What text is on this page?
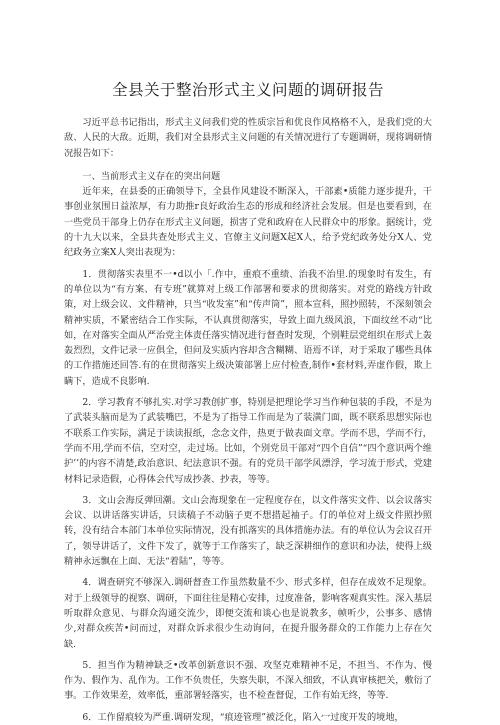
全县关于整治形式主义问题的调研报告

习近平总书记指出，形式主义问我们党的性质宗旨和优良作风格格不入，是我们党的大敌、人民的大敌。近期，我们对全县形式主义问题的有关情况进行了专题调研，现将调研情况报告如下：

一、当前形式主义存在的突出问题

近年来，在县委的正确领导下，全县作风建设不断深入，干部素•质能力逐步提升，干事创业氛围日益浓厚，有力助推r良好政治生态的形成和经济社会发展。但是也要看到，在一些党员干部身上仍存在形式主义问题，损害了党和政府在人民群众中的形象。据统计，党的十九大以来，全县共查处形式主义、官僚主义问题X起X人，给予党纪政务处分X人、党纪政务立案X人突出表现为：

1．贯彻落实表里不一•d以小「.作中，重痕不重绩、治我不治里.的现象时有发生，有的单位以为“有方案、有专班”就算对上级工作部署和要求的贯彻落实。对党的路线方针政策，对上级会议、文件精神，只当“收发室”和“传声筒”，照本宣科，照抄照转，不深刻领会精神实质，不紧密结合工作实际，不认真贯彻落实，导致上面九级风浪，下面纹丝不动“比如，在对落实全面从严治党主体责任落实情况进行督查时发现，个别鞋层党组织在形式上轰轰烈烈，文件记录一应俱全，但问及实质内容却含含糊糊、语焉不详，对于采取了哪些具体的工作措施还回答.有的在贯彻落实上级决策部署上应付检查,制作•套材料,弄虚作假，欺上瞒下，造成不良影响.

2．学习教育不够扎实.对学习教创扩事，特别是把理论学习当作种包装的手段，不是为了武装头脑而是为了武装嘴巴，不是为了指导工作而是为了装潢门面，既不联系思想实际也不联系工作实际，满足于读读报纸，念念文件，热更于做表面文章。学而不思，学而不行，学而不用,学而不信，空对空，走过场。比如，个别党员干部对“四个自信”“四个意识两个维护’’的内容不清楚,政治意识、纪法意识不强。有的党员干部学风漂浮，学习流于形式，党建材料记录造假，心得体会代写成抄袭、抄表，等等。

3．文山会海反弹回潮。文山会海现象在一定程度存在，以文件落实文件、以会议落实会议、以讲话落实讲话，只读稿子不动脑子更不想措起袖子。仃的单位对上级文件照抄照转，没有结合本部门本单位实际情况，没有抓落实的具体措施办法。有的单位认为会议召开了，领导讲话了，文件下发了，就等于工作落实了，缺乏深耕细作的意识和办法，使得上级精神永远飘在上面、无法“着陆”，等等。

4．调查研究不够深入.调研督查工作虽然数量不少、形式多样，但存在成效不足现象。对于上级领导的视察、调研，下面往往是精心安排，过度准备，影响客观真实性。深入基层听取群众意见、与群众沟通交流少，即便交流和谈心也是说教多，帧听少，公事多、感情少,对群众疾苦•问而过，对群众诉求很少生动询问，在提升服务群众的工作能力上存在欠缺.

5．担当作为精神缺乏•改革创新意识不强、攻坚克难精神不足，不担当、不作为、慢作为、假作为、乱作为。工作不负贵任，失察失职，不深入细致，不认真审核把关，敷衍了事。工作效果差，效率低，重部署轻落实，也不检查督促，工作有始无终，等等.

6．工作留痕较为严重.调研发现，“痕迹管理”被泛化，陷入冖过度开发的境地，
